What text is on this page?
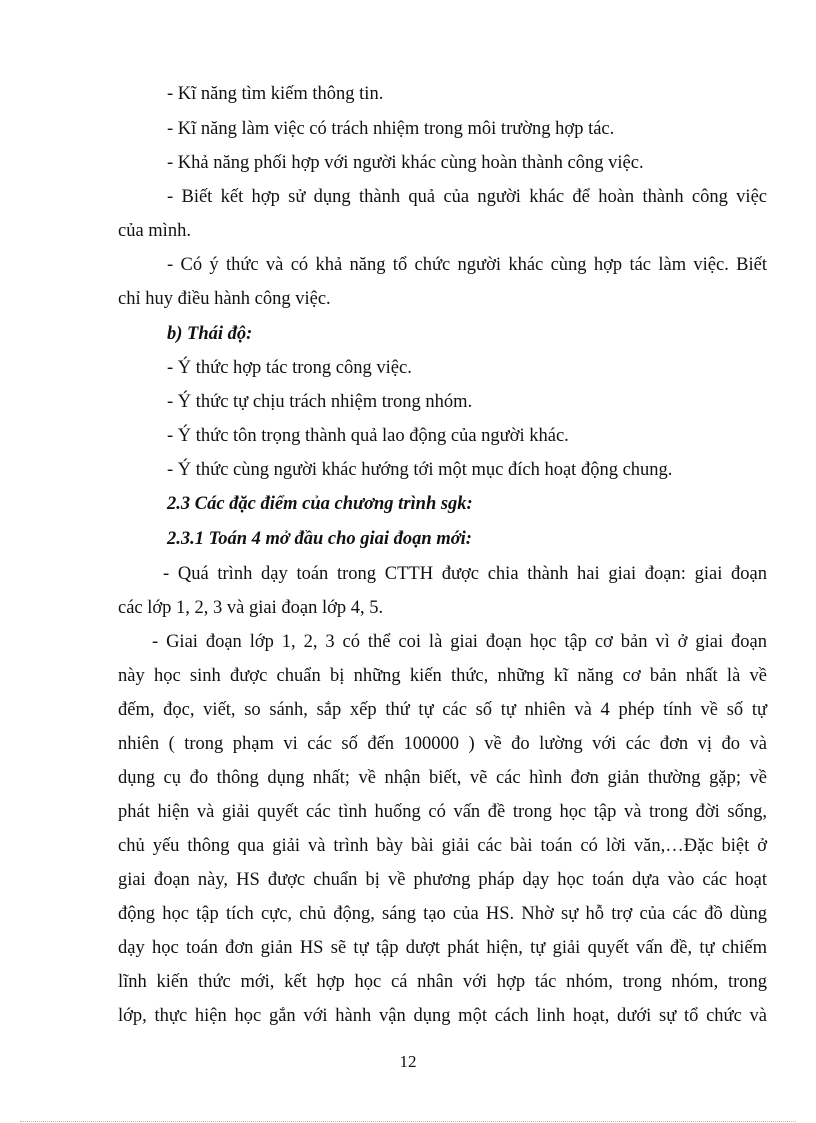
- Kĩ năng tìm kiếm thông tin.
- Kĩ năng làm việc có trách nhiệm trong môi trường hợp tác.
- Khả năng phối hợp với người khác cùng hoàn thành công việc.
- Biết kết hợp sử dụng thành quả của người khác để hoàn thành công việc
của mình.
- Có ý thức và có khả năng tổ chức người khác cùng hợp tác làm việc. Biết
chỉ huy điều hành công việc.
b) Thái độ:
- Ý thức hợp tác trong công việc.
- Ý thức tự chịu trách nhiệm trong nhóm.
- Ý thức tôn trọng thành quả lao động của người khác.
- Ý thức cùng người khác hướng tới một mục đích hoạt động chung.
2.3 Các đặc điểm của chương trình sgk:
2.3.1 Toán 4 mở đầu cho giai đoạn mới:
- Quá trình dạy toán trong CTTH được chia thành hai giai đoạn: giai đoạn
các lớp 1, 2, 3 và giai đoạn lớp 4, 5.
- Giai đoạn lớp 1, 2, 3 có thể coi là giai đoạn học tập cơ bản vì ở giai đoạn
này học sinh được chuẩn bị những kiến thức, những kĩ năng cơ bản nhất là về
đếm, đọc, viết, so sánh, sắp xếp thứ tự các số tự nhiên và 4 phép tính về số tự
nhiên ( trong phạm vi các số đến 100000 ) về đo lường với các đơn vị đo và
dụng cụ đo thông dụng nhất; về nhận biết, vẽ các hình đơn giản thường gặp; về
phát hiện và giải quyết các tình huống có vấn đề trong học tập và trong đời sống,
chủ yếu thông qua giải và trình bày bài giải các bài toán có lời văn,…Đặc biệt ở
giai đoạn này, HS được chuẩn bị về phương pháp dạy học toán dựa vào các hoạt
động học tập tích cực, chủ động, sáng tạo của HS. Nhờ sự hỗ trợ của các đồ dùng
dạy học toán đơn giản HS sẽ tự tập dượt phát hiện, tự giải quyết vấn đề, tự chiếm
lĩnh kiến thức mới, kết hợp học cá nhân với hợp tác nhóm, trong nhóm, trong
lớp, thực hiện học gắn với hành vận dụng một cách linh hoạt, dưới sự tổ chức và
12
